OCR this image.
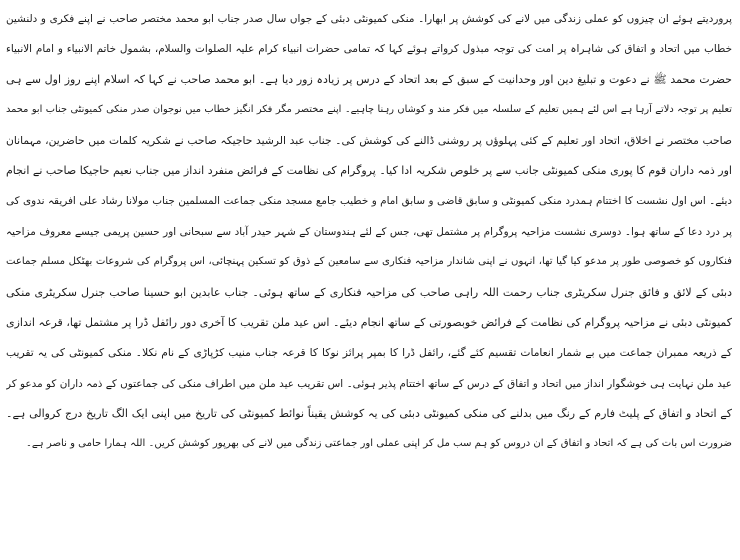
پروردیتے ہوئے ان چیزوں کو عملی زندگی میں لانے کی کوشش پر ابھارا۔ منکی کمیونٹی دبئی کے جواں سال صدر جناب ابو محمد مختصر صاحب نے اپنے فکری و دلنشین
خطاب میں اتحاد و اتفاق کی شاہراہ پر امت کی توجہ مبذول کرواتے ہوئے کہا کہ تمامی حضرات انبیاء کرام علیہ الصلوات والسلام، بشمول خاتم الانبیاء و امام الانبیاء
حضرت محمد ﷺ نے دعوت و تبلیغ دین اور وحدانیت کے سبق کے بعد اتحاد کے درس پر زیادہ زور دیا ہے۔ ابو محمد صاحب نے کہا کہ اسلام اپنے روز اول سے ہی
تعلیم پر توجہ دلاتے آرہا ہے اس لئے ہمیں تعلیم کے سلسلہ میں فکر مند و کوشاں رہنا چاہیے۔ اپنے مختصر مگر فکر انگیز خطاب میں نوجوان صدر منکی کمیونٹی جناب ابو محمد
صاحب مختصر نے اخلاق، اتحاد اور تعلیم کے کئی پہلوؤں پر روشنی ڈالنے کی کوشش کی۔ جناب عبد الرشید حاجیکہ صاحب نے شکریہ کلمات میں حاضرین، مہمانان
اور ذمہ داران قوم کا پوری منکی کمیونٹی جانب سے پر خلوص شکریہ ادا کیا۔ پروگرام کی نظامت کے فرائض منفرد انداز میں جناب نعیم حاجیکا صاحب نے انجام
دیئے۔ اس اول نشست کا اختتام ہمدرد منکی کمیونٹی و سابق قاضی و سابق امام و خطیب جامع مسجد منکی جماعت المسلمین جناب مولانا رشاد علی افریقہ ندوی کی
پر درد دعا کے ساتھ ہوا۔ دوسری نشست مزاحیہ پروگرام پر مشتمل تھی، جس کے لئے ہندوستان کے شہر حیدر آباد سے سبحانی اور حسین پریمی جیسے معروف مزاحیہ
فنکاروں کو خصوصی طور پر مدعو کیا گیا تھا، انہوں نے اپنی شاندار مزاحیہ فنکاری سے سامعین کے ذوق کو تسکین پہنچائی، اس پروگرام کی شروعات بھٹکل مسلم جماعت
دبئی کے لائق و فائق جنرل سکریٹری جناب رحمت اللہ راہی صاحب کی مزاحیہ فنکاری کے ساتھ ہوئی۔ جناب عابدین ابو حسینا صاحب جنرل سکریٹری منکی
کمیونٹی دبئی نے مزاحیہ پروگرام کی نظامت کے فرائض خوبصورتی کے ساتھ انجام دیئے۔ اس عید ملن تقریب کا آخری دور رائفل ڈرا پر مشتمل تھا، قرعہ اندازی
کے ذریعہ ممبران جماعت میں بے شمار انعامات تقسیم کئے گئے، رائفل ڈرا کا بمپر پرائز نوکا کا قرعہ جناب منیب کڑپاڑی کے نام نکلا۔ منکی کمیونٹی کی یہ تقریب
عید ملن نہایت ہی خوشگوار انداز میں اتحاد و اتفاق کے درس کے ساتھ اختتام پذیر ہوئی۔ اس تقریب عید ملن میں اطراف منکی کی جماعتوں کے ذمہ داران کو مدعو کر
کے اتحاد و اتفاق کے پلیٹ فارم کے رنگ میں بدلنے کی منکی کمیونٹی دبئی کی یہ کوشش یقیناً نوائط کمیونٹی کی تاریخ میں اپنی ایک الگ تاریخ درج کروالی ہے۔
ضرورت اس بات کی ہے کہ اتحاد و اتفاق کے ان دروس کو ہم سب مل کر اپنی عملی اور جماعتی زندگی میں لانے کی بھرپور کوشش کریں۔ اللہ ہمارا حامی و ناصر ہے۔
